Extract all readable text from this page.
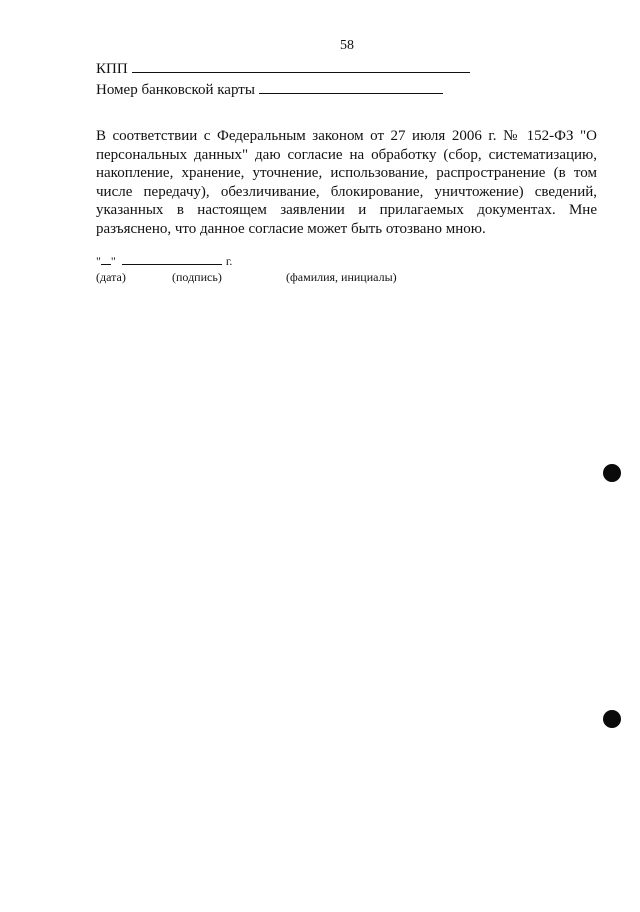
58
КПП
Номер банковской карты

В соответствии с Федеральным законом от 27 июля 2006 г. № 152-ФЗ "О персональных данных" даю согласие на обработку (сбор, систематизацию, накопление, хранение, уточнение, использование, распространение (в том числе передачу), обезличивание, блокирование, уничтожение) сведений, указанных в настоящем заявлении и прилагаемых документах. Мне разъяснено, что данное согласие может быть отозвано мною.

" "	г.
(дата)	(подпись)	(фамилия, инициалы)
